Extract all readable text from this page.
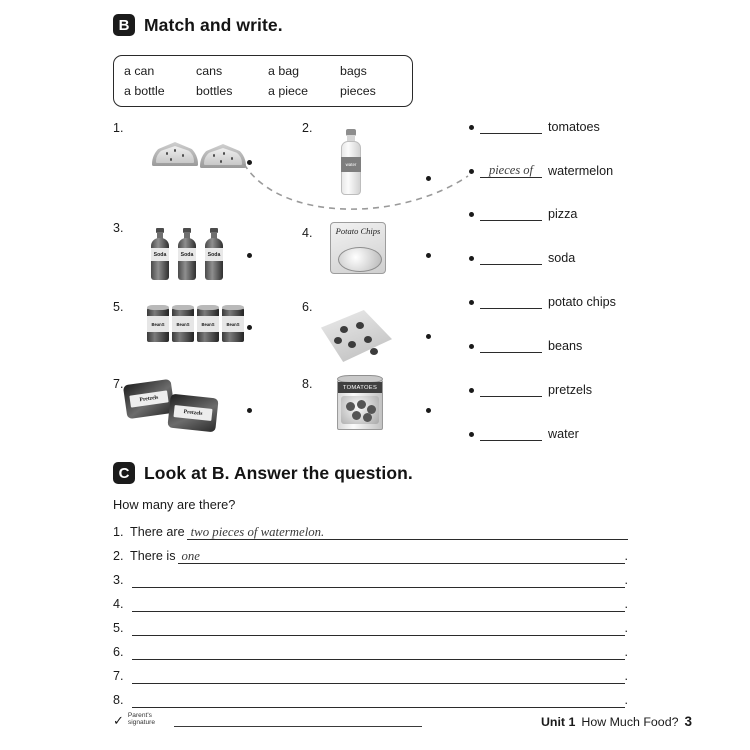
B Match and write.
a can	cans	a bag	bags
a bottle	bottles	a piece	pieces
1.	2.
water
3.
Soda	Soda	Soda
4.	Potato Chips
5.
BeanS	BeanS	BeanS	BeanS
6.
7.
Pretzels
Pretzels
8.	TOMATOES
tomatoes
pieces of	watermelon
pizza
soda
potato chips
beans
pretzels
water
C Look at B. Answer the question.
How many are there?
1. There are two pieces of watermelon.
2. There is one	.
3.	.
4.	.
5.	.
6.	.
7.	.
8.	.
✓ Parent's signature	Unit 1 How Much Food? 3
